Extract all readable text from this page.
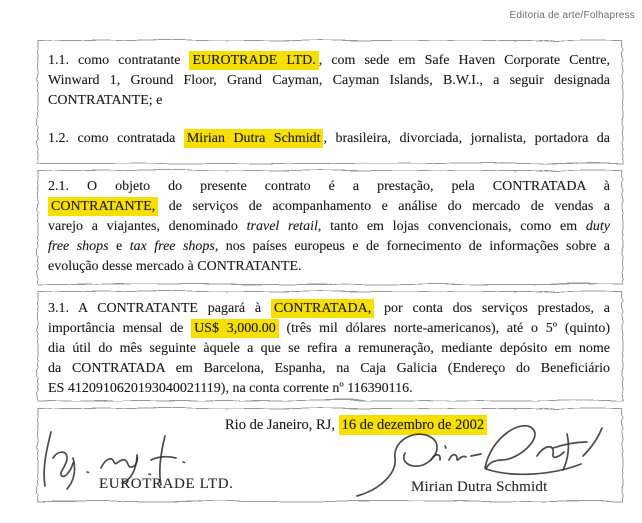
Editoria de arte/Folhapress
1.1. como contratante EUROTRADE LTD. , com sede em Safe Haven Corporate Centre,
Winward 1, Ground Floor, Grand Cayman, Cayman Islands, B.W.I., a seguir designada
CONTRATANTE; e
1.2. como contratada Mirian Dutra Schmidt , brasileira, divorciada, jornalista, portadora da
2.1. O objeto do presente contrato é a prestação, pela CONTRATADA à
CONTRATANTE, de serviços de acompanhamento e análise do mercado de vendas a
varejo a viajantes, denominado travel retail, tanto em lojas convencionais, como em duty
free shops e tax free shops, nos países europeus e de fornecimento de informações sobre a
evolução desse mercado à CONTRATANTE.
3.1. A CONTRATANTE pagará à CONTRATADA, por conta dos serviços prestados, a
importância mensal de US$ 3,000.00 (três mil dólares norte-americanos), até o 5º (quinto)
dia útil do mês seguinte àquele a que se refira a remuneração, mediante depósito em nome
da CONTRATADA em Barcelona, Espanha, na Caja Galicia (Endereço do Beneficiário
ES 4120910620193040021119), na conta corrente nº 116390116.
Rio de Janeiro, RJ, 16 de dezembro de 2002
EUROTRADE LTD.	Mirian Dutra Schmidt
